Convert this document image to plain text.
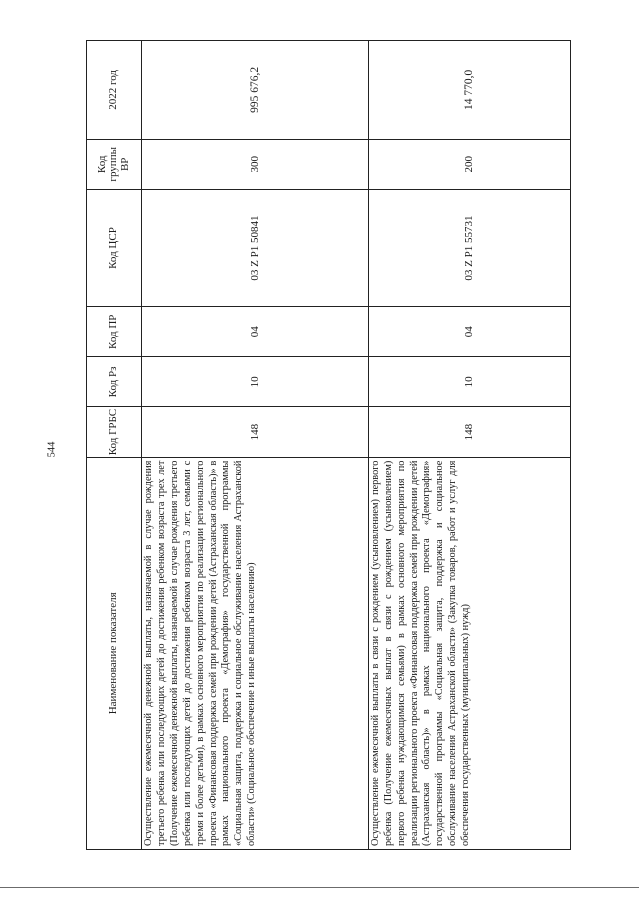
544
Наименование показателя	Код ГРБС	Код Рз	Код ПР	Код ЦСР	Код группы ВР	2022 год
Осуществление ежемесячной денежной выплаты, назначаемой в случае рождения третьего ребенка или последующих детей до достижения ребенком возраста трех лет (Получение ежемесячной денежной выплаты, назначаемой в случае рождения третьего ребенка или последующих детей до достижения ребенком возраста 3 лет, семьями с тремя и более детьми), в рамках основного мероприятия по реализации регионального проекта «Финансовая поддержка семей при рождении детей (Астраханская область)» в рамках национального проекта «Демография» государственной программы «Социальная защита, поддержка и социальное обслуживание населения Астраханской области» (Социальное обеспечение и иные выплаты населению)	148	10	04	03 Z P1 50841	300	995 676,2
Осуществление ежемесячной выплаты в связи с рождением (усыновлением) первого ребенка (Получение ежемесячных выплат в связи с рождением (усыновлением) первого ребенка нуждающимися семьями) в рамках основного мероприятия по реализации регионального проекта «Финансовая поддержка семей при рождении детей (Астраханская область)» в рамках национального проекта «Демография» государственной программы «Социальная защита, поддержка и социальное обслуживание населения Астраханской области» (Закупка товаров, работ и услуг для обеспечения государственных (муниципальных) нужд)	148	10	04	03 Z P1 55731	200	14 770,0
